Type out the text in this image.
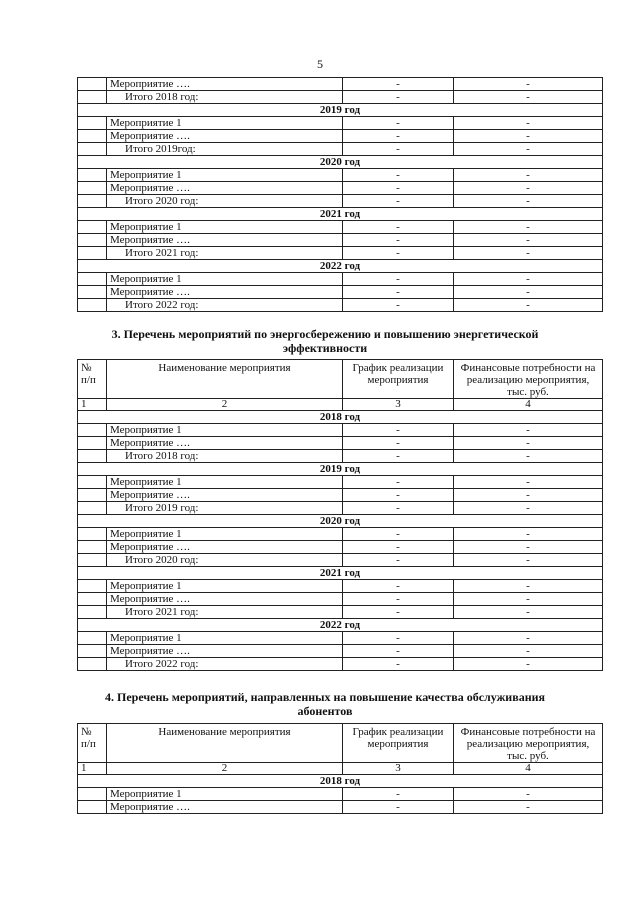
5
	Мероприятие ….	-	-
	Итого 2018 год:	-	-
2019 год			
	Мероприятие 1	-	-
	Мероприятие ….	-	-
	Итого 2019год:	-	-
2020 год			
	Мероприятие 1	-	-
	Мероприятие ….	-	-
	Итого 2020 год:	-	-
2021 год			
	Мероприятие 1	-	-
	Мероприятие ….	-	-
	Итого 2021 год:	-	-
2022 год			
	Мероприятие 1	-	-
	Мероприятие ….	-	-
	Итого 2022 год:	-	-
3. Перечень мероприятий по энергосбережению и повышению энергетической
эффективности
№ п/п	Наименование мероприятия	График реализации мероприятия	Финансовые потребности на реализацию мероприятия, тыс. руб.
1	2	3	4
2018 год			
	Мероприятие 1	-	-
	Мероприятие ….	-	-
	Итого 2018 год:	-	-
2019 год			
	Мероприятие 1	-	-
	Мероприятие ….	-	-
	Итого 2019 год:	-	-
2020 год			
	Мероприятие 1	-	-
	Мероприятие ….	-	-
	Итого 2020 год:	-	-
2021 год			
	Мероприятие 1	-	-
	Мероприятие ….	-	-
	Итого 2021 год:	-	-
2022 год			
	Мероприятие 1	-	-
	Мероприятие ….	-	-
	Итого 2022 год:	-	-
4. Перечень мероприятий, направленных на повышение качества обслуживания
абонентов
№ п/п	Наименование мероприятия	График реализации мероприятия	Финансовые потребности на реализацию мероприятия, тыс. руб.
1	2	3	4
2018 год			
	Мероприятие 1	-	-
	Мероприятие ….	-	-
